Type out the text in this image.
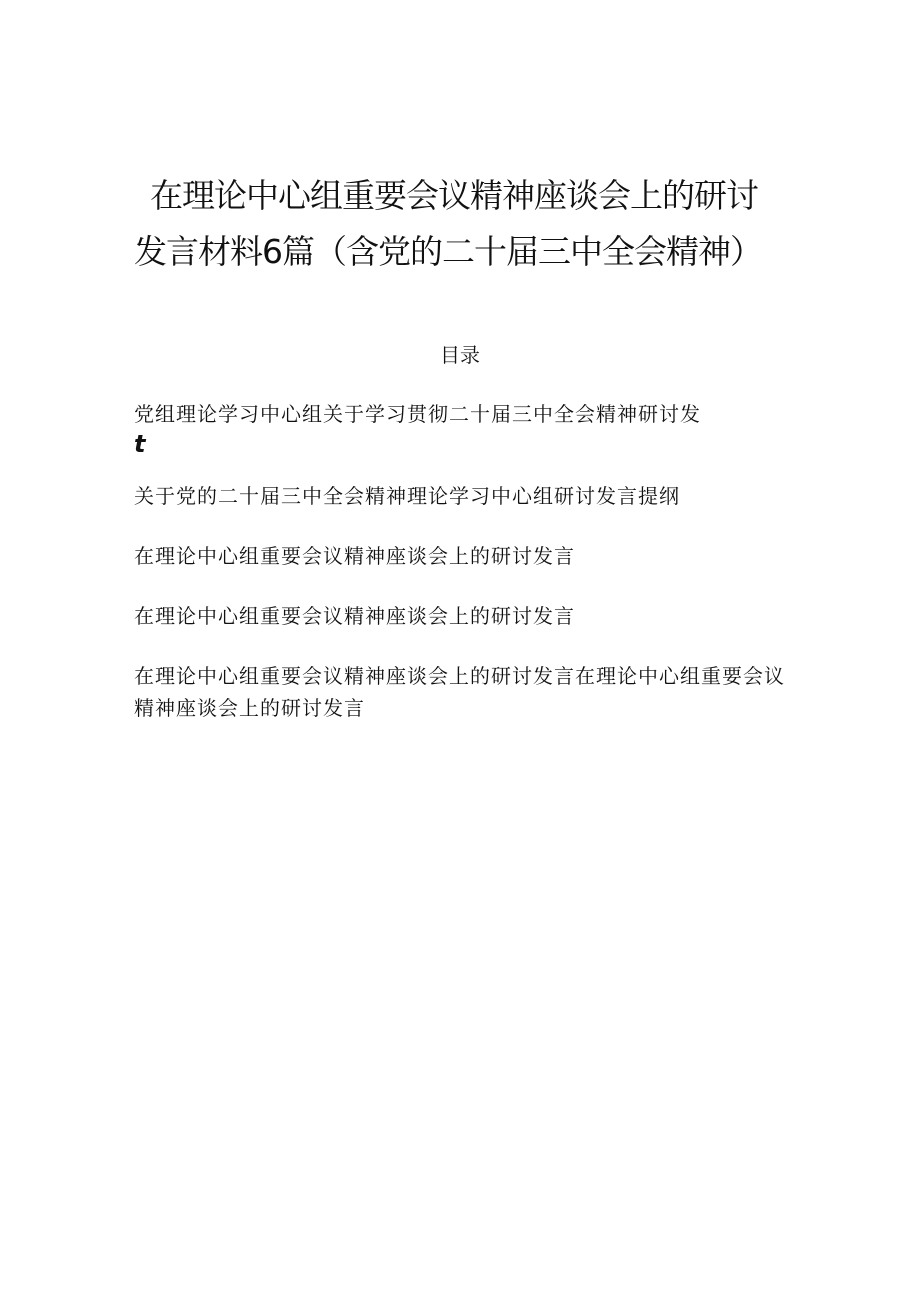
在理论中心组重要会议精神座谈会上的研讨
发言材料6篇（含党的二十届三中全会精神）
目录
党组理论学习中心组关于学习贯彻二十届三中全会精神研讨发
t
关于党的二十届三中全会精神理论学习中心组研讨发言提纲
在理论中心组重要会议精神座谈会上的研讨发言
在理论中心组重要会议精神座谈会上的研讨发言
在理论中心组重要会议精神座谈会上的研讨发言在理论中心组重要会议精神座谈会上的研讨发言
